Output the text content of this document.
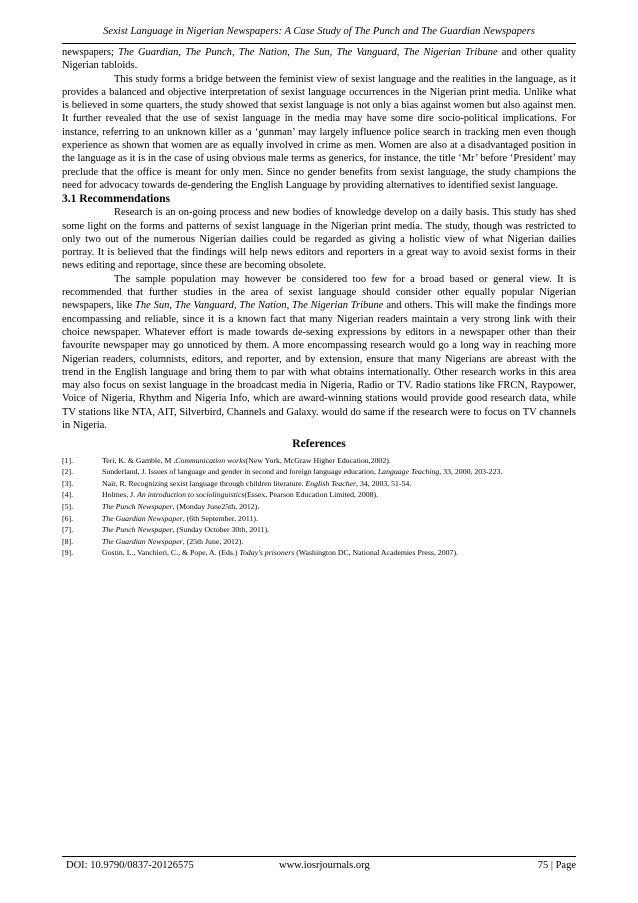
Sexist Language in Nigerian Newspapers: A Case Study of The Punch and The Guardian Newspapers

newspapers; The Guardian, The Punch, The Nation, The Sun, The Vanguard, The Nigerian Tribune and other quality Nigerian tabloids.

This study forms a bridge between the feminist view of sexist language and the realities in the language, as it provides a balanced and objective interpretation of sexist language occurrences in the Nigerian print media. Unlike what is believed in some quarters, the study showed that sexist language is not only a bias against women but also against men. It further revealed that the use of sexist language in the media may have some dire socio-political implications. For instance, referring to an unknown killer as a ‘gunman’ may largely influence police search in tracking men even though experience as shown that women are as equally involved in crime as men. Women are also at a disadvantaged position in the language as it is in the case of using obvious male terms as generics, for instance, the title ‘Mr’ before ‘President’ may preclude that the office is meant for only men. Since no gender benefits from sexist language, the study champions the need for advocacy towards de-gendering the English Language by providing alternatives to identified sexist language.

3.1 Recommendations

Research is an on-going process and new bodies of knowledge develop on a daily basis. This study has shed some light on the forms and patterns of sexist language in the Nigerian print media. The study, though was restricted to only two out of the numerous Nigerian dailies could be regarded as giving a holistic view of what Nigerian dailies portray. It is believed that the findings will help news editors and reporters in a great way to avoid sexist forms in their news editing and reportage, since these are becoming obsolete.

The sample population may however be considered too few for a broad based or general view. It is recommended that further studies in the area of sexist language should consider other equally popular Nigerian newspapers, like The Sun, The Vanguard, The Nation, The Nigerian Tribune and others. This will make the findings more encompassing and reliable, since it is a known fact that many Nigerian readers maintain a very strong link with their choice newspaper. Whatever effort is made towards de-sexing expressions by editors in a newspaper other than their favourite newspaper may go unnoticed by them. A more encompassing research would go a long way in reaching more Nigerian readers, columnists, editors, and reporter, and by extension, ensure that many Nigerians are abreast with the trend in the English language and bring them to par with what obtains internationally. Other research works in this area may also focus on sexist language in the broadcast media in Nigeria, Radio or TV. Radio stations like FRCN, Raypower, Voice of Nigeria, Rhythm and Nigeria Info, which are award-winning stations would provide good research data, while TV stations like NTA, AIT, Silverbird, Channels and Galaxy. would do same if the research were to focus on TV channels in Nigeria.

References
[1].	Teri, K. & Gamble, M .Communication works(New York, McGraw Higher Education,2002).
[2].	Sunderland, J. Issues of language and gender in second and foreign language education, Language Teaching, 33, 2000, 203-223.
[3].	Nair, R. Recognizing sexist language through children literature. English Teacher, 34, 2003, 51-54.
[4].	Holmes, J. An introduction to sociolinguistics(Essex, Pearson Education Limited, 2008).
[5].	The Punch Newspaper, (Monday June25th, 2012).
[6].	The Guardian Newspaper, (6th September, 2011).
[7].	The Punch Newspaper, (Sunday October 30th, 2011).
[8].	The Guardian Newspaper, (25th June, 2012).
[9].	Gostin, L., Vanchieri, C., & Pope, A. (Eds.) Today's prisoners (Washington DC, National Academies Press, 2007).
DOI: 10.9790/0837-20126575	www.iosrjournals.org	75 | Page
